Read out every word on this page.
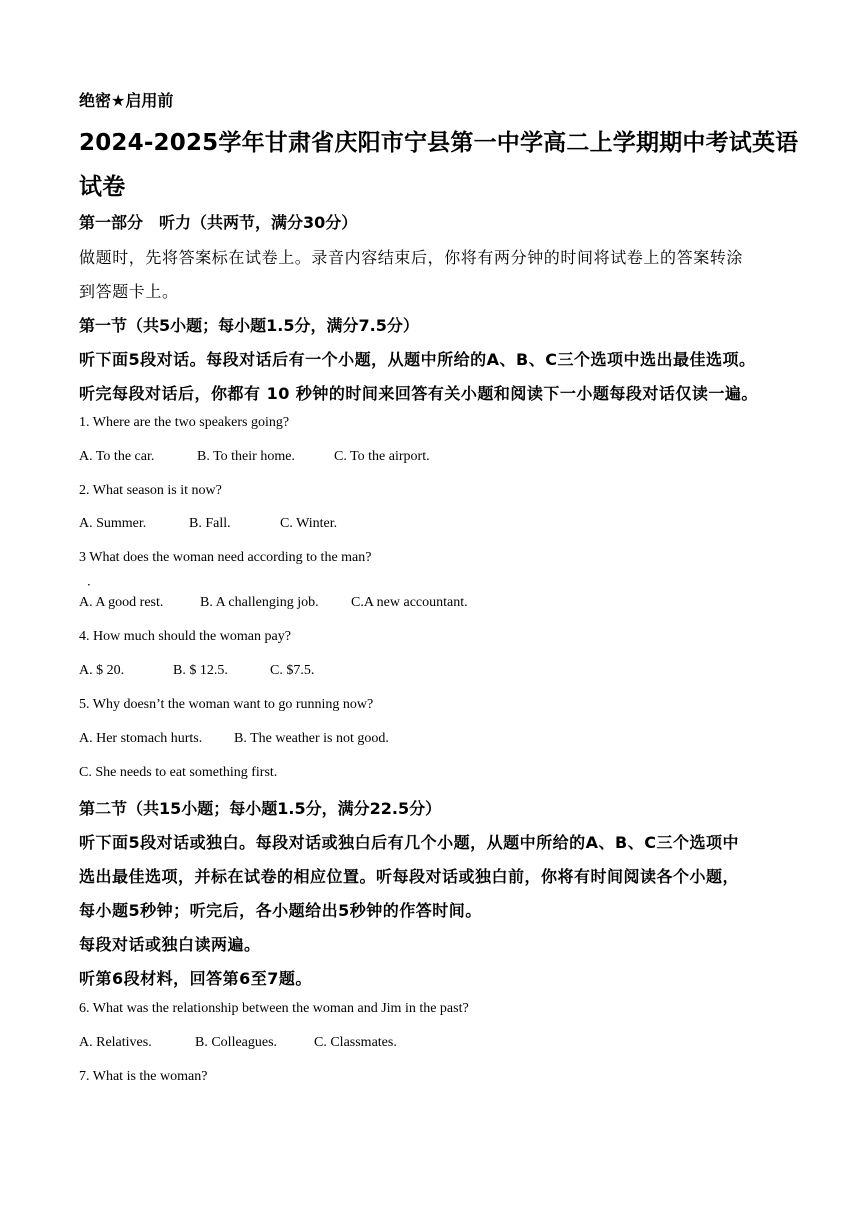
绝密★启用前
2024-2025学年甘肃省庆阳市宁县第一中学高二上学期期中考试英语
试卷
第一部分　听力（共两节，满分30分）
做题时，先将答案标在试卷上。录音内容结束后，你将有两分钟的时间将试卷上的答案转涂
到答题卡上。
第一节（共5小题；每小题1.5分，满分7.5分）
听下面5段对话。每段对话后有一个小题，从题中所给的A、B、C三个选项中选出最佳选项。
听完每段对话后，你都有 10 秒钟的时间来回答有关小题和阅读下一小题每段对话仅读一遍。
1. Where are the two speakers going?
A. To the car.	B. To their home.	C. To the airport.
2. What season is it now?
A. Summer.	B. Fall.	C. Winter.
3 What does the woman need according to the man?
．
A. A good rest.	B. A challenging job. C.A new accountant.
4. How much should the woman pay?
A. $ 20.	B. $ 12.5.	C. $7.5.
5. Why doesn’t the woman want to go running now?
A. Her stomach hurts. B. The weather is not good.
C. She needs to eat something first.
第二节（共15小题；每小题1.5分，满分22.5分）
听下面5段对话或独白。每段对话或独白后有几个小题，从题中所给的A、B、C三个选项中
选出最佳选项，并标在试卷的相应位置。听每段对话或独白前，你将有时间阅读各个小题，
每小题5秒钟；听完后，各小题给出5秒钟的作答时间。
每段对话或独白读两遍。
听第6段材料，回答第6至7题。
6. What was the relationship between the woman and Jim in the past?
A. Relatives.	B. Colleagues.	C. Classmates.
7. What is the woman?
